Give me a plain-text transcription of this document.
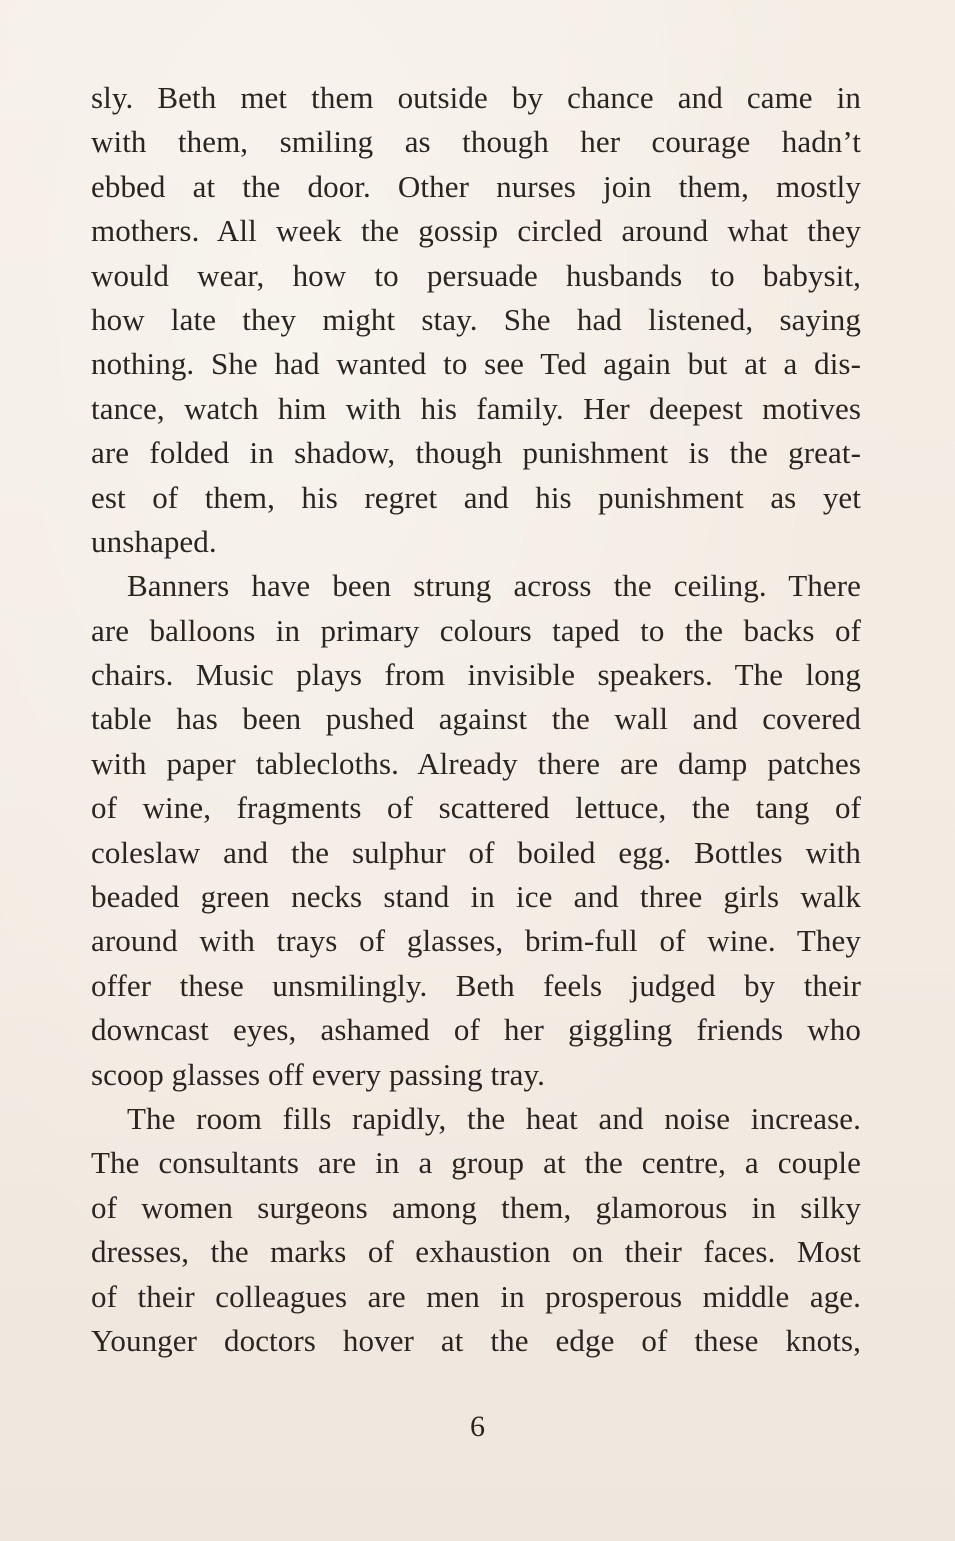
sly. Beth met them outside by chance and came in
with them, smiling as though her courage hadn’t
ebbed at the door. Other nurses join them, mostly
mothers. All week the gossip circled around what they
would wear, how to persuade husbands to babysit,
how late they might stay. She had listened, saying
nothing. She had wanted to see Ted again but at a dis-
tance, watch him with his family. Her deepest motives
are folded in shadow, though punishment is the great-
est of them, his regret and his punishment as yet
unshaped.
Banners have been strung across the ceiling. There
are balloons in primary colours taped to the backs of
chairs. Music plays from invisible speakers. The long
table has been pushed against the wall and covered
with paper tablecloths. Already there are damp patches
of wine, fragments of scattered lettuce, the tang of
coleslaw and the sulphur of boiled egg. Bottles with
beaded green necks stand in ice and three girls walk
around with trays of glasses, brim-full of wine. They
offer these unsmilingly. Beth feels judged by their
downcast eyes, ashamed of her giggling friends who
scoop glasses off every passing tray.
The room fills rapidly, the heat and noise increase.
The consultants are in a group at the centre, a couple
of women surgeons among them, glamorous in silky
dresses, the marks of exhaustion on their faces. Most
of their colleagues are men in prosperous middle age.
Younger doctors hover at the edge of these knots,
6
